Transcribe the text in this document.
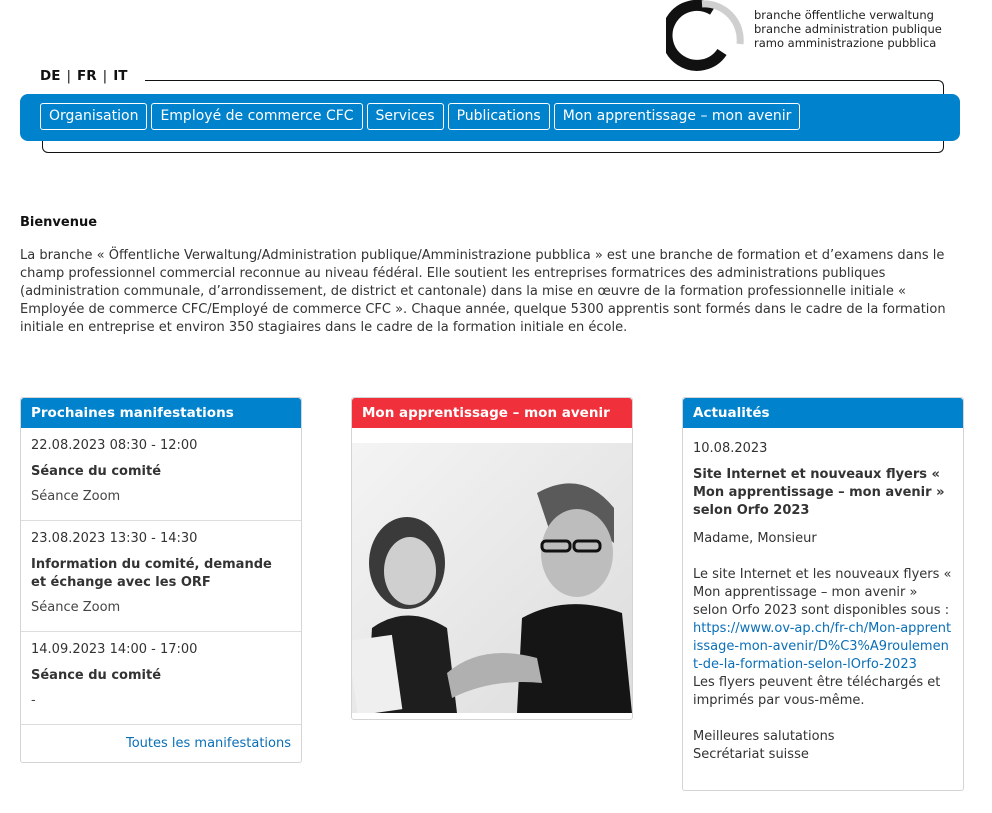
branche öffentliche verwaltung
branche administration publique
ramo amministrazione pubblica
DE | FR | IT
Organisation	Employé de commerce CFC	Services	Publications	Mon apprentissage – mon avenir
Bienvenue
La branche « Öffentliche Verwaltung/Administration publique/Amministrazione pubblica » est une branche de formation et d’examens dans le champ professionnel commercial reconnue au niveau fédéral. Elle soutient les entreprises formatrices des administrations publiques (administration communale, d’arrondissement, de district et cantonale) dans la mise en œuvre de la formation professionnelle initiale « Employée de commerce CFC/Employé de commerce CFC ». Chaque année, quelque 5300 apprentis sont formés dans le cadre de la formation initiale en entreprise et environ 350 stagiaires dans le cadre de la formation initiale en école.
Prochaines manifestations
22.08.2023 08:30 - 12:00
Séance du comité
Séance Zoom
23.08.2023 13:30 - 14:30
Information du comité, demande et échange avec les ORF
Séance Zoom
14.09.2023 14:00 - 17:00
Séance du comité
-
Toutes les manifestations
Mon apprentissage – mon avenir	Actualités
10.08.2023
Site Internet et nouveaux flyers « Mon apprentissage – mon avenir » selon Orfo 2023

Madame, Monsieur

Le site Internet et les nouveaux flyers « Mon apprentissage – mon avenir » selon Orfo 2023 sont disponibles sous : https://www.ov-ap.ch/fr-ch/Mon-apprentissage-mon-avenir/D%C3%A9roulement-de-la-formation-selon-lOrfo-2023

Les flyers peuvent être téléchargés et imprimés par vous-même.

Meilleures salutations
Secrétariat suisse
